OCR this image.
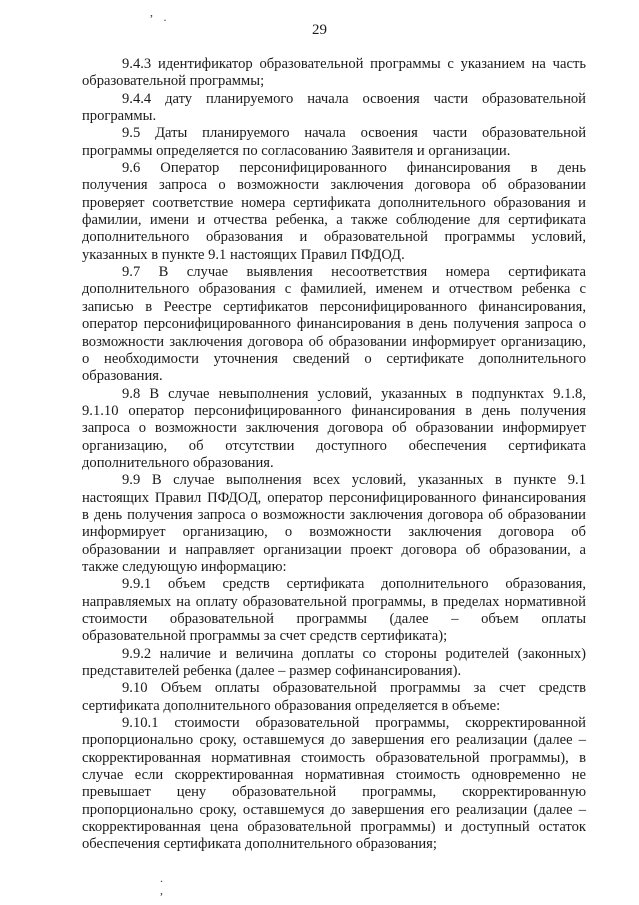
,
·
29
9.4.3 идентификатор образовательной программы с указанием на часть
образовательной программы;
9.4.4 дату планируемого начала освоения части образовательной
программы.
9.5 Даты планируемого начала освоения части образовательной
программы определяется по согласованию Заявителя и организации.
9.6 Оператор персонифицированного финансирования в день
получения запроса о возможности заключения договора об образовании
проверяет соответствие номера сертификата дополнительного образования и
фамилии, имени и отчества ребенка, а также соблюдение для сертификата
дополнительного образования и образовательной программы условий,
указанных в пункте 9.1 настоящих Правил ПФДОД.
9.7 В случае выявления несоответствия номера сертификата
дополнительного образования с фамилией, именем и отчеством ребенка с
записью в Реестре сертификатов персонифицированного финансирования,
оператор персонифицированного финансирования в день получения запроса о
возможности заключения договора об образовании информирует организацию,
о необходимости уточнения сведений о сертификате дополнительного
образования.
9.8 В случае невыполнения условий, указанных в подпунктах 9.1.8,
9.1.10 оператор персонифицированного финансирования в день получения
запроса о возможности заключения договора об образовании информирует
организацию, об отсутствии доступного обеспечения сертификата
дополнительного образования.
9.9 В случае выполнения всех условий, указанных в пункте 9.1
настоящих Правил ПФДОД, оператор персонифицированного финансирования
в день получения запроса о возможности заключения договора об образовании
информирует организацию, о возможности заключения договора об
образовании и направляет организации проект договора об образовании, а
также следующую информацию:
9.9.1 объем средств сертификата дополнительного образования,
направляемых на оплату образовательной программы, в пределах нормативной
стоимости образовательной программы (далее – объем оплаты
образовательной программы за счет средств сертификата);
9.9.2 наличие и величина доплаты со стороны родителей (законных)
представителей ребенка (далее – размер софинансирования).
9.10 Объем оплаты образовательной программы за счет средств
сертификата дополнительного образования определяется в объеме:
9.10.1 стоимости образовательной программы, скорректированной
пропорционально сроку, оставшемуся до завершения его реализации (далее –
скорректированная нормативная стоимость образовательной программы), в
случае если скорректированная нормативная стоимость одновременно не
превышает цену образовательной программы, скорректированную
пропорционально сроку, оставшемуся до завершения его реализации (далее –
скорректированная цена образовательной программы) и доступный остаток
обеспечения сертификата дополнительного образования;
.
,
